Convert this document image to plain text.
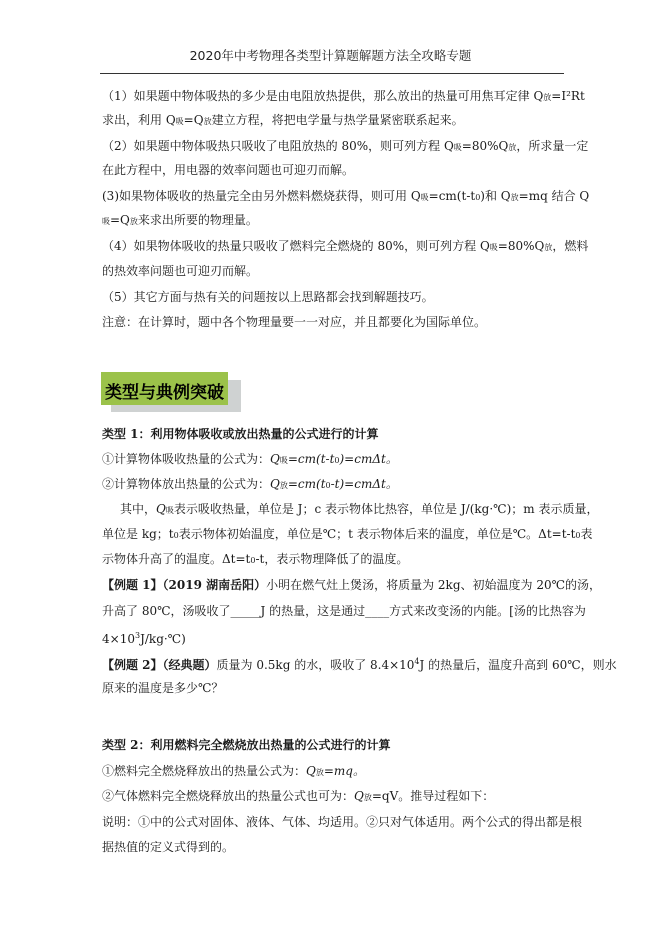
2020年中考物理各类型计算题解题方法全攻略专题
（1）如果题中物体吸热的多少是由电阻放热提供，那么放出的热量可用焦耳定律 Q放=I²Rt
求出，利用 Q吸=Q放建立方程，将把电学量与热学量紧密联系起来。
（2）如果题中物体吸热只吸收了电阻放热的 80%，则可列方程 Q吸=80%Q放，所求量一定
在此方程中，用电器的效率问题也可迎刃而解。
(3)如果物体吸收的热量完全由另外燃料燃烧获得，则可用 Q吸=cm(t-t0)和 Q放=mq 结合 Q
吸=Q放来求出所要的物理量。
（4）如果物体吸收的热量只吸收了燃料完全燃烧的 80%，则可列方程 Q吸=80%Q放，燃料
的热效率问题也可迎刃而解。
（5）其它方面与热有关的问题按以上思路都会找到解题技巧。
注意：在计算时，题中各个物理量要一一对应，并且都要化为国际单位。
类型与典例突破
类型 1：利用物体吸收或放出热量的公式进行的计算
①计算物体吸收热量的公式为：Q吸=cm(t-t0)=cmΔt。
②计算物体放出热量的公式为：Q放=cm(t0-t)=cmΔt。
其中，Q吸表示吸收热量，单位是 J；c 表示物体比热容，单位是 J/(kg·℃)；m 表示质量，
单位是 kg；t0表示物体初始温度，单位是℃；t 表示物体后来的温度，单位是℃。Δt=t-t0表
示物体升高了的温度。Δt=t0-t，表示物理降低了的温度。
【例题 1】（2019 湖南岳阳）小明在燃气灶上煲汤，将质量为 2kg、初始温度为 20℃的汤，
升高了 80℃，汤吸收了_____J 的热量，这是通过____方式来改变汤的内能。[汤的比热容为
$4\times 10^3J/kg\cdot℃$)
【例题 2】（经典题）质量为 0.5kg 的水，吸收了 $8.4\times 10^4J$ 的热量后，温度升高到 60℃，则水
原来的温度是多少℃？
类型 2：利用燃料完全燃烧放出热量的公式进行的计算
①燃料完全燃烧释放出的热量公式为：Q放=mq。
②气体燃料完全燃烧释放出的热量公式也可为：Q放=qV。推导过程如下：
说明：①中的公式对固体、液体、气体、均适用。②只对气体适用。两个公式的得出都是根
据热值的定义式得到的。
